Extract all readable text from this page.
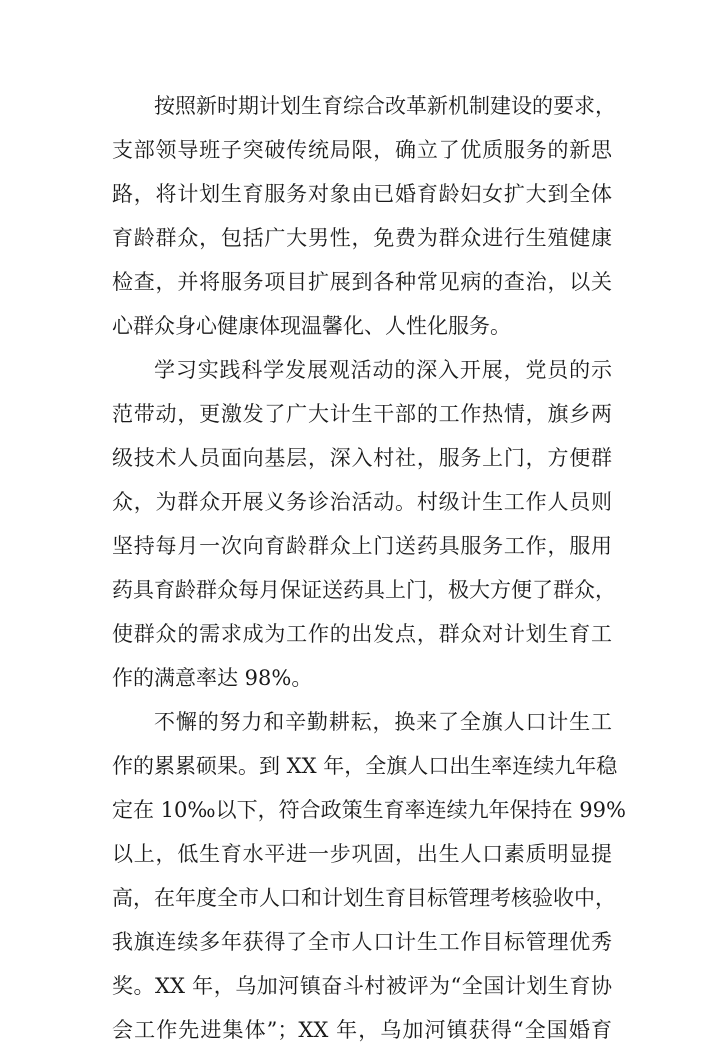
按照新时期计划生育综合改革新机制建设的要求，
支部领导班子突破传统局限，确立了优质服务的新思
路，将计划生育服务对象由已婚育龄妇女扩大到全体
育龄群众，包括广大男性，免费为群众进行生殖健康
检查，并将服务项目扩展到各种常见病的查治，以关
心群众身心健康体现温馨化、人性化服务。
学习实践科学发展观活动的深入开展，党员的示
范带动，更激发了广大计生干部的工作热情，旗乡两
级技术人员面向基层，深入村社，服务上门，方便群
众，为群众开展义务诊治活动。村级计生工作人员则
坚持每月一次向育龄群众上门送药具服务工作，服用
药具育龄群众每月保证送药具上门，极大方便了群众，
使群众的需求成为工作的出发点，群众对计划生育工
作的满意率达 98%。
不懈的努力和辛勤耕耘，换来了全旗人口计生工
作的累累硕果。到 XX 年，全旗人口出生率连续九年稳
定在 10‰以下，符合政策生育率连续九年保持在 99%
以上，低生育水平进一步巩固，出生人口素质明显提
高，在年度全市人口和计划生育目标管理考核验收中，
我旗连续多年获得了全市人口计生工作目标管理优秀
奖。XX 年，乌加河镇奋斗村被评为“全国计划生育协
会工作先进集体”；XX 年，乌加河镇获得“全国婚育
